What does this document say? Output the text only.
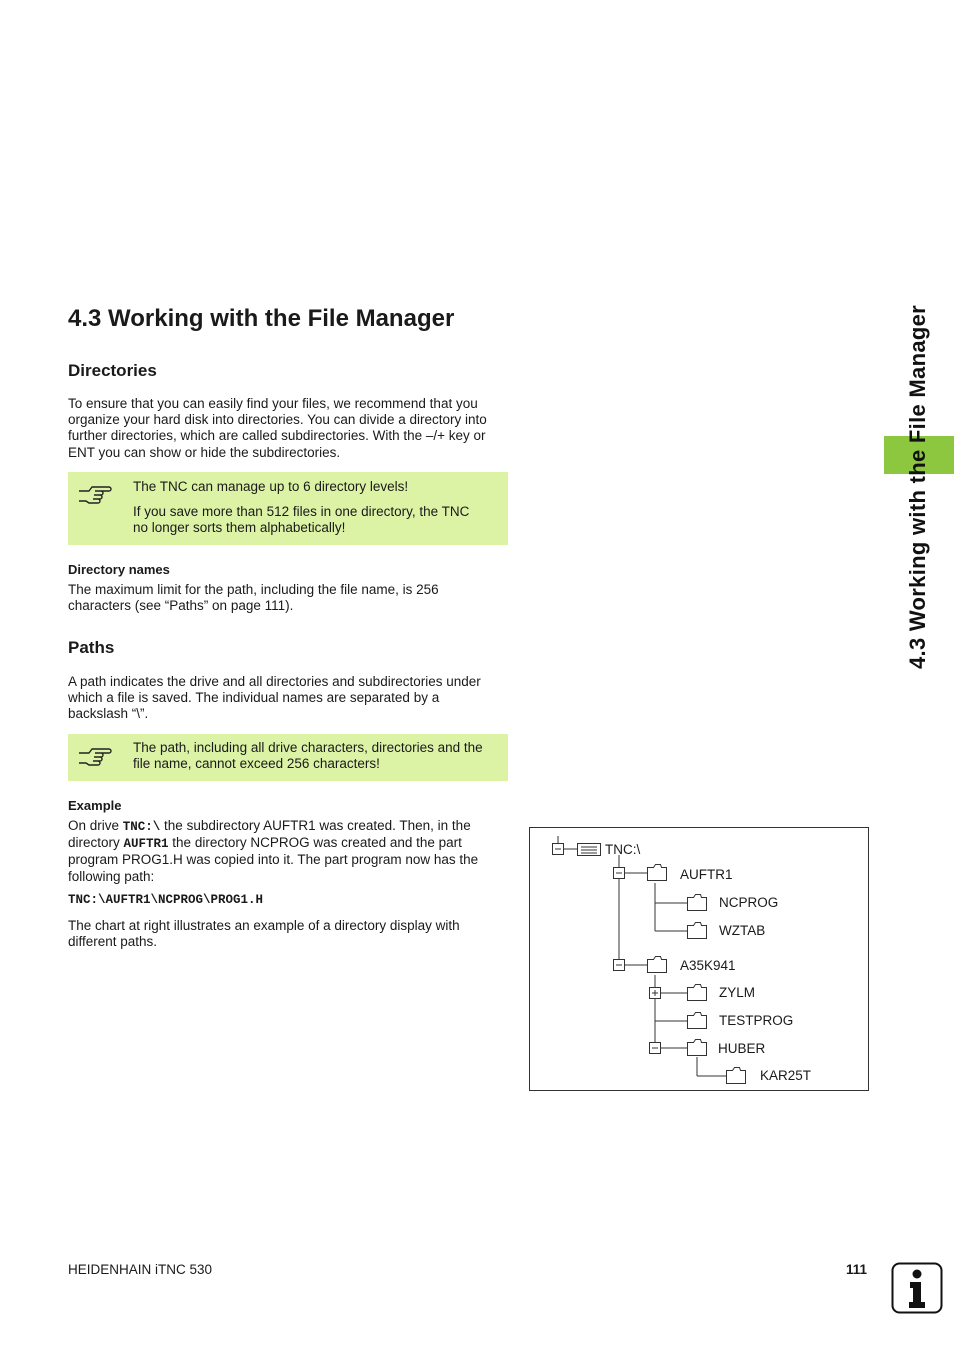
4.3 Working with the File Manager
4.3 Working with the File Manager
Directories
To ensure that you can easily find your files, we recommend that you
organize your hard disk into directories. You can divide a directory into
further directories, which are called subdirectories. With the –/+ key or
ENT you can show or hide the subdirectories.

The TNC can manage up to 6 directory levels!

If you save more than 512 files in one directory, the TNC

no longer sorts them alphabetically!

Directory names
The maximum limit for the path, including the file name, is 256
characters (see “Paths” on page 111).
Paths
A path indicates the drive and all directories and subdirectories under
which a file is saved. The individual names are separated by a
backslash “\”.

The path, including all drive characters, directories and the

file name, cannot exceed 256 characters!

Example
On drive TNC:\ the subdirectory AUFTR1 was created. Then, in the
directory AUFTR1 the directory NCPROG was created and the part
program PROG1.H was copied into it. The part program now has the
following path:
TNC:\AUFTR1\NCPROG\PROG1.H
The chart at right illustrates an example of a directory display with
different paths.
TNC:\
AUFTR1
NCPROG
WZTAB
A35K941
ZYLM
TESTPROG
HUBER
KAR25T
HEIDENHAIN iTNC 530	111
